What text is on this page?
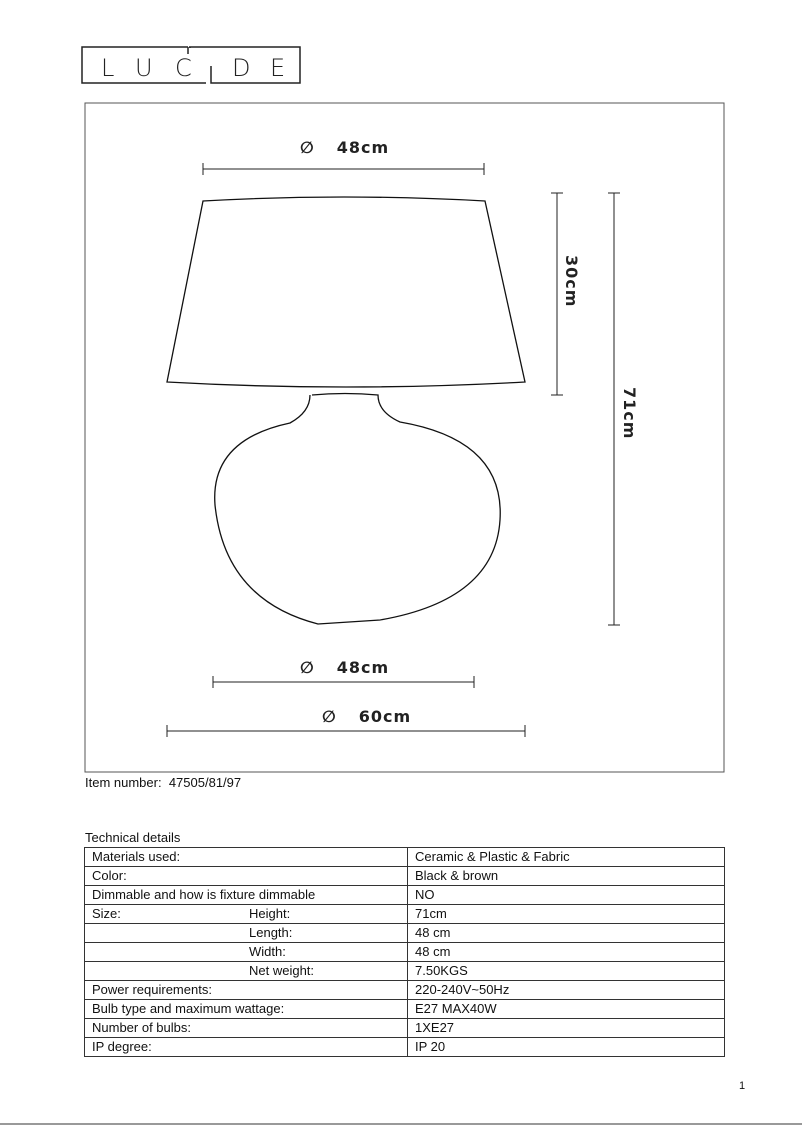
L U C D E
∅ 48cm
30cm
71cm
∅ 48cm
∅ 60cm
Item number: 47505/81/97
Technical details
Materials used:	Ceramic & Plastic & Fabric
Color:	Black & brown
Dimmable and how is fixture dimmable	NO
Size: Height:	71cm

Length:	48 cm

Width:	48 cm

Net weight:	7.50KGS
Power requirements:	220-240V~50Hz
Bulb type and maximum wattage:	E27 MAX40W
Number of bulbs:	1XE27
IP degree:	IP 20
1
